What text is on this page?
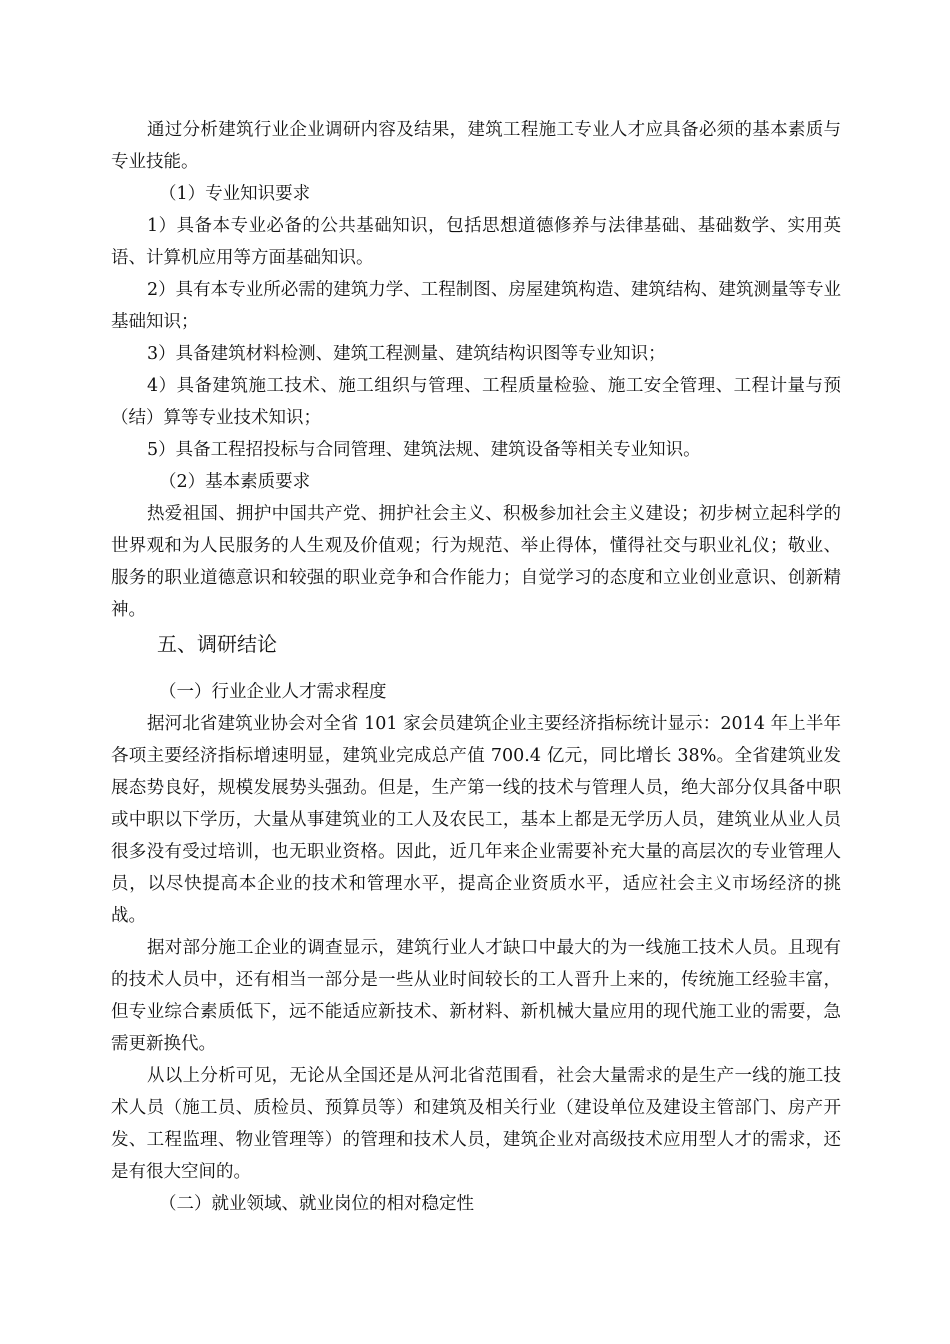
通过分析建筑行业企业调研内容及结果，建筑工程施工专业人才应具备必须的基本素质与专业技能。

（1）专业知识要求

1）具备本专业必备的公共基础知识，包括思想道德修养与法律基础、基础数学、实用英语、计算机应用等方面基础知识。

2）具有本专业所必需的建筑力学、工程制图、房屋建筑构造、建筑结构、建筑测量等专业基础知识；

3）具备建筑材料检测、建筑工程测量、建筑结构识图等专业知识；

4）具备建筑施工技术、施工组织与管理、工程质量检验、施工安全管理、工程计量与预（结）算等专业技术知识；

5）具备工程招投标与合同管理、建筑法规、建筑设备等相关专业知识。

（2）基本素质要求

热爱祖国、拥护中国共产党、拥护社会主义、积极参加社会主义建设；初步树立起科学的世界观和为人民服务的人生观及价值观；行为规范、举止得体，懂得社交与职业礼仪；敬业、服务的职业道德意识和较强的职业竞争和合作能力；自觉学习的态度和立业创业意识、创新精神。

五、调研结论

（一）行业企业人才需求程度

据河北省建筑业协会对全省 101 家会员建筑企业主要经济指标统计显示：2014 年上半年各项主要经济指标增速明显，建筑业完成总产值 700.4 亿元，同比增长 38%。全省建筑业发展态势良好，规模发展势头强劲。但是，生产第一线的技术与管理人员，绝大部分仅具备中职或中职以下学历，大量从事建筑业的工人及农民工，基本上都是无学历人员，建筑业从业人员很多没有受过培训，也无职业资格。因此，近几年来企业需要补充大量的高层次的专业管理人员，以尽快提高本企业的技术和管理水平，提高企业资质水平，适应社会主义市场经济的挑战。

据对部分施工企业的调查显示，建筑行业人才缺口中最大的为一线施工技术人员。且现有的技术人员中，还有相当一部分是一些从业时间较长的工人晋升上来的，传统施工经验丰富，但专业综合素质低下，远不能适应新技术、新材料、新机械大量应用的现代施工业的需要，急需更新换代。

从以上分析可见，无论从全国还是从河北省范围看，社会大量需求的是生产一线的施工技术人员（施工员、质检员、预算员等）和建筑及相关行业（建设单位及建设主管部门、房产开发、工程监理、物业管理等）的管理和技术人员，建筑企业对高级技术应用型人才的需求，还是有很大空间的。

（二）就业领域、就业岗位的相对稳定性
